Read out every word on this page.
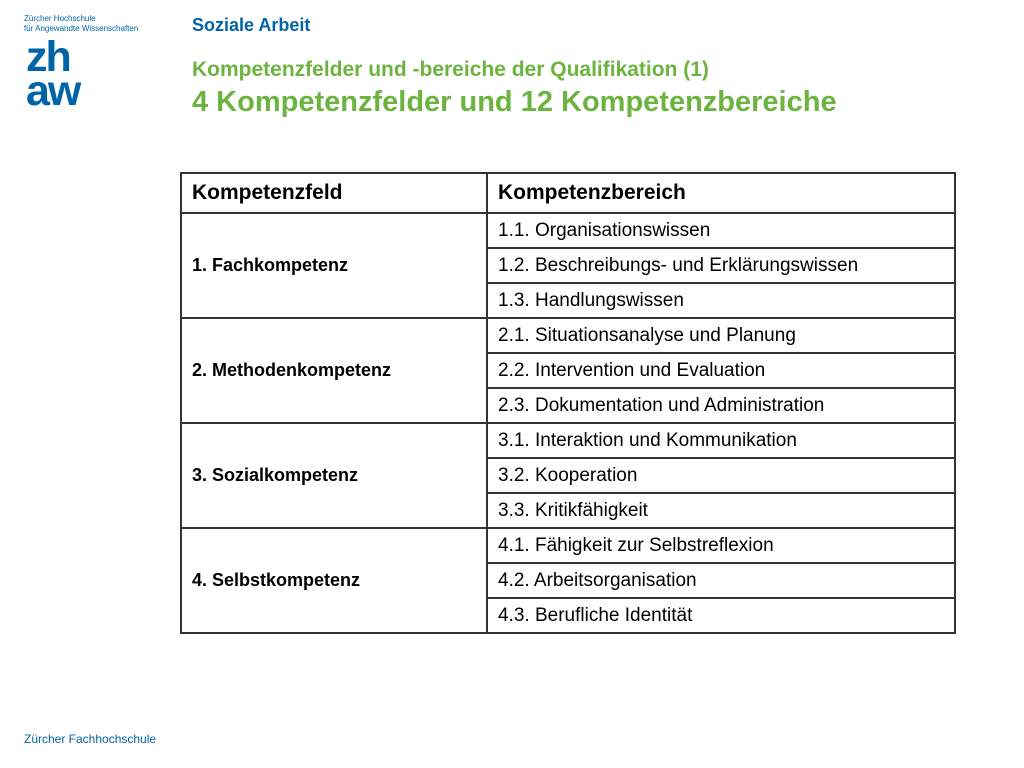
Zürcher Hochschule
für Angewandte Wissenschaften
zh
aw
Soziale Arbeit
Kompetenzfelder und -bereiche der Qualifikation (1)
4 Kompetenzfelder und 12 Kompetenzbereiche
Kompetenzfeld	Kompetenzbereich
1. Fachkompetenz	1.1. Organisationswissen
	1.2. Beschreibungs- und Erklärungswissen
	1.3. Handlungswissen
2. Methodenkompetenz	2.1. Situationsanalyse und Planung
	2.2. Intervention und Evaluation
	2.3. Dokumentation und Administration
3. Sozialkompetenz	3.1. Interaktion und Kommunikation
	3.2. Kooperation
	3.3. Kritikfähigkeit
4. Selbstkompetenz	4.1. Fähigkeit zur Selbstreflexion
	4.2. Arbeitsorganisation
	4.3. Berufliche Identität
Zürcher Fachhochschule
